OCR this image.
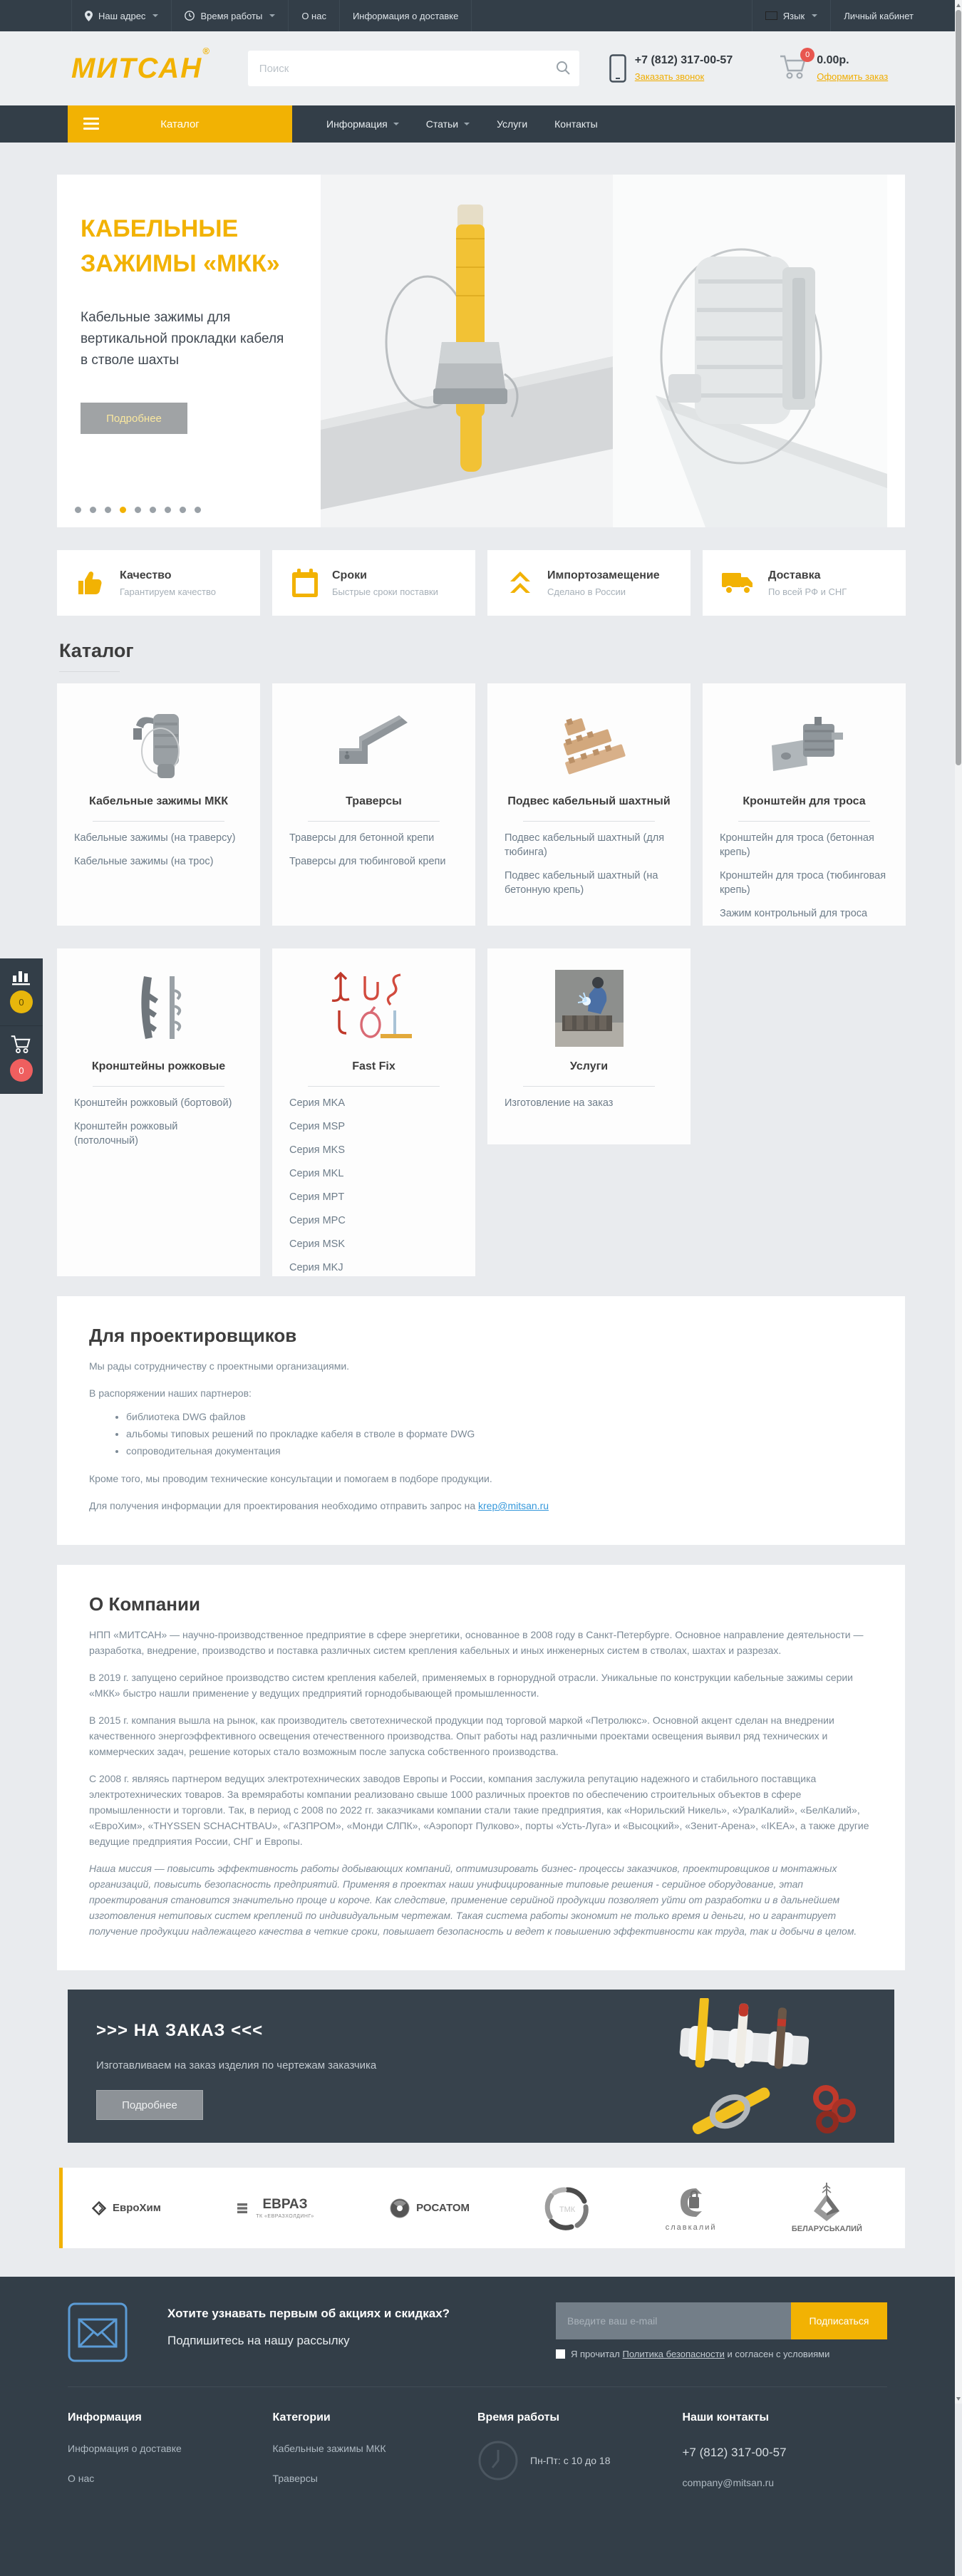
Наш адрес	Время работы	О нас	Информация о доставке	Язык	Личный кабинет
МИТСАН®
Поиск
+7 (812) 317-00-57
Заказать звонок
0 0.00р.
Оформить заказ
Каталог	Информация	Статьи	Услуги	Контакты
КАБЕЛЬНЫЕ ЗАЖИМЫ «МКК»
Кабельные зажимы для вертикальной прокладки кабеля в стволе шахты
Подробнее
Качество
Гарантируем качество
Сроки
Быстрые сроки поставки
Импортозамещение
Сделано в России
Доставка
По всей РФ и СНГ
Каталог
Кабельные зажимы МКК
Кабельные зажимы (на траверсу)
Кабельные зажимы (на трос)
Траверсы
Траверсы для бетонной крепи
Траверсы для тюбинговой крепи
Подвес кабельный шахтный
Подвес кабельный шахтный (для тюбинга)
Подвес кабельный шахтный (на бетонную крепь)
Кронштейн для троса
Кронштейн для троса (бетонная крепь)
Кронштейн для троса (тюбинговая крепь)
Зажим контрольный для троса
Кронштейны рожковые
Кронштейн рожковый (бортовой)
Кронштейн рожковый (потолочный)
Fast Fix
Серия MKA
Серия MSP
Серия MKS
Серия MKL
Серия MPT
Серия MPC
Серия MSK
Серия MKJ
Услуги
Изготовление на заказ
Для проектировщиков

Мы рады сотрудничеству с проектными организациями.

В распоряжении наших партнеров:

• библиотека DWG файлов
• альбомы типовых решений по прокладке кабеля в стволе в формате DWG
• сопроводительная документация

Кроме того, мы проводим технические консультации и помогаем в подборе продукции.

Для получения информации для проектирования необходимо отправить запрос на krep@mitsan.ru

О Компании

НПП «МИТСАН» — научно-производственное предприятие в сфере энергетики, основанное в 2008 году в Санкт-Петербурге. Основное направление деятельности — разработка, внедрение, производство и поставка различных систем крепления кабельных и иных инженерных систем в стволах, шахтах и разрезах.

В 2019 г. запущено серийное производство систем крепления кабелей, применяемых в горнорудной отрасли. Уникальные по конструкции кабельные зажимы серии «МКК» быстро нашли применение у ведущих предприятий горнодобывающей промышленности.

В 2015 г. компания вышла на рынок, как производитель светотехнической продукции под торговой маркой «Петролюкс». Основной акцент сделан на внедрении качественного энергоэффективного освещения отечественного производства. Опыт работы над различными проектами освещения выявил ряд технических и коммерческих задач, решение которых стало возможным после запуска собственного производства.

С 2008 г. являясь партнером ведущих электротехнических заводов Европы и России, компания заслужила репутацию надежного и стабильного поставщика электротехнических товаров. За времяработы компании реализовано свыше 1000 различных проектов по обеспечению строительных объектов в сфере промышленности и торговли. Так, в период с 2008 по 2022 гг. заказчиками компании стали такие предприятия, как «Норильский Никель», «УралКалий», «БелКалий», «ЕвроХим», «THYSSEN SCHACHTBAU», «ГАЗПРОМ», «Монди СЛПК», «Аэропорт Пулково», порты «Усть-Луга» и «Высоцкий», «Зенит-Арена», «IKEA», а также другие ведущие предприятия России, СНГ и Европы.

Наша миссия — повысить эффективность работы добывающих компаний, оптимизировать бизнес- процессы заказчиков, проектировщиков и монтажных организаций, повысить безопасность предприятий. Применяя в проектах наши унифицированные типовые решения - серийное оборудование, этап проектирования становится значительно проще и короче. Как следствие, применение серийной продукции позволяет уйти от разработки и в дальнейшем изготовления нетиповых систем креплений по индивидуальным чертежам. Такая система работы экономит не только время и деньги, но и гарантирует получение продукции надлежащего качества в четкие сроки, повышает безопасность и ведет к повышению эффективности как труда, так и добычи в целом.

>>> НА ЗАКАЗ <<<
Изготавливаем на заказ изделия по чертежам заказчика
Подробнее
ЕвроХим	ЕВРАЗ
ТК «ЕВРАЗХОЛДИНГ»
РОСАТОМ	ТМК
славкалий	БЕЛАРУСЬКАЛИЙ
Хотите узнавать первым об акциях и скидках?
Подпишитесь на нашу рассылку
Введите ваш e-mail
Подписаться
Я прочитал Политика безопасности и согласен с условиями
Информация
Информация о доставке
О нас
Категории
Кабельные зажимы МКК
Траверсы
Время работы
Пн-Пт: с 10 до 18
Наши контакты
+7 (812) 317-00-57
company@mitsan.ru
0
0
